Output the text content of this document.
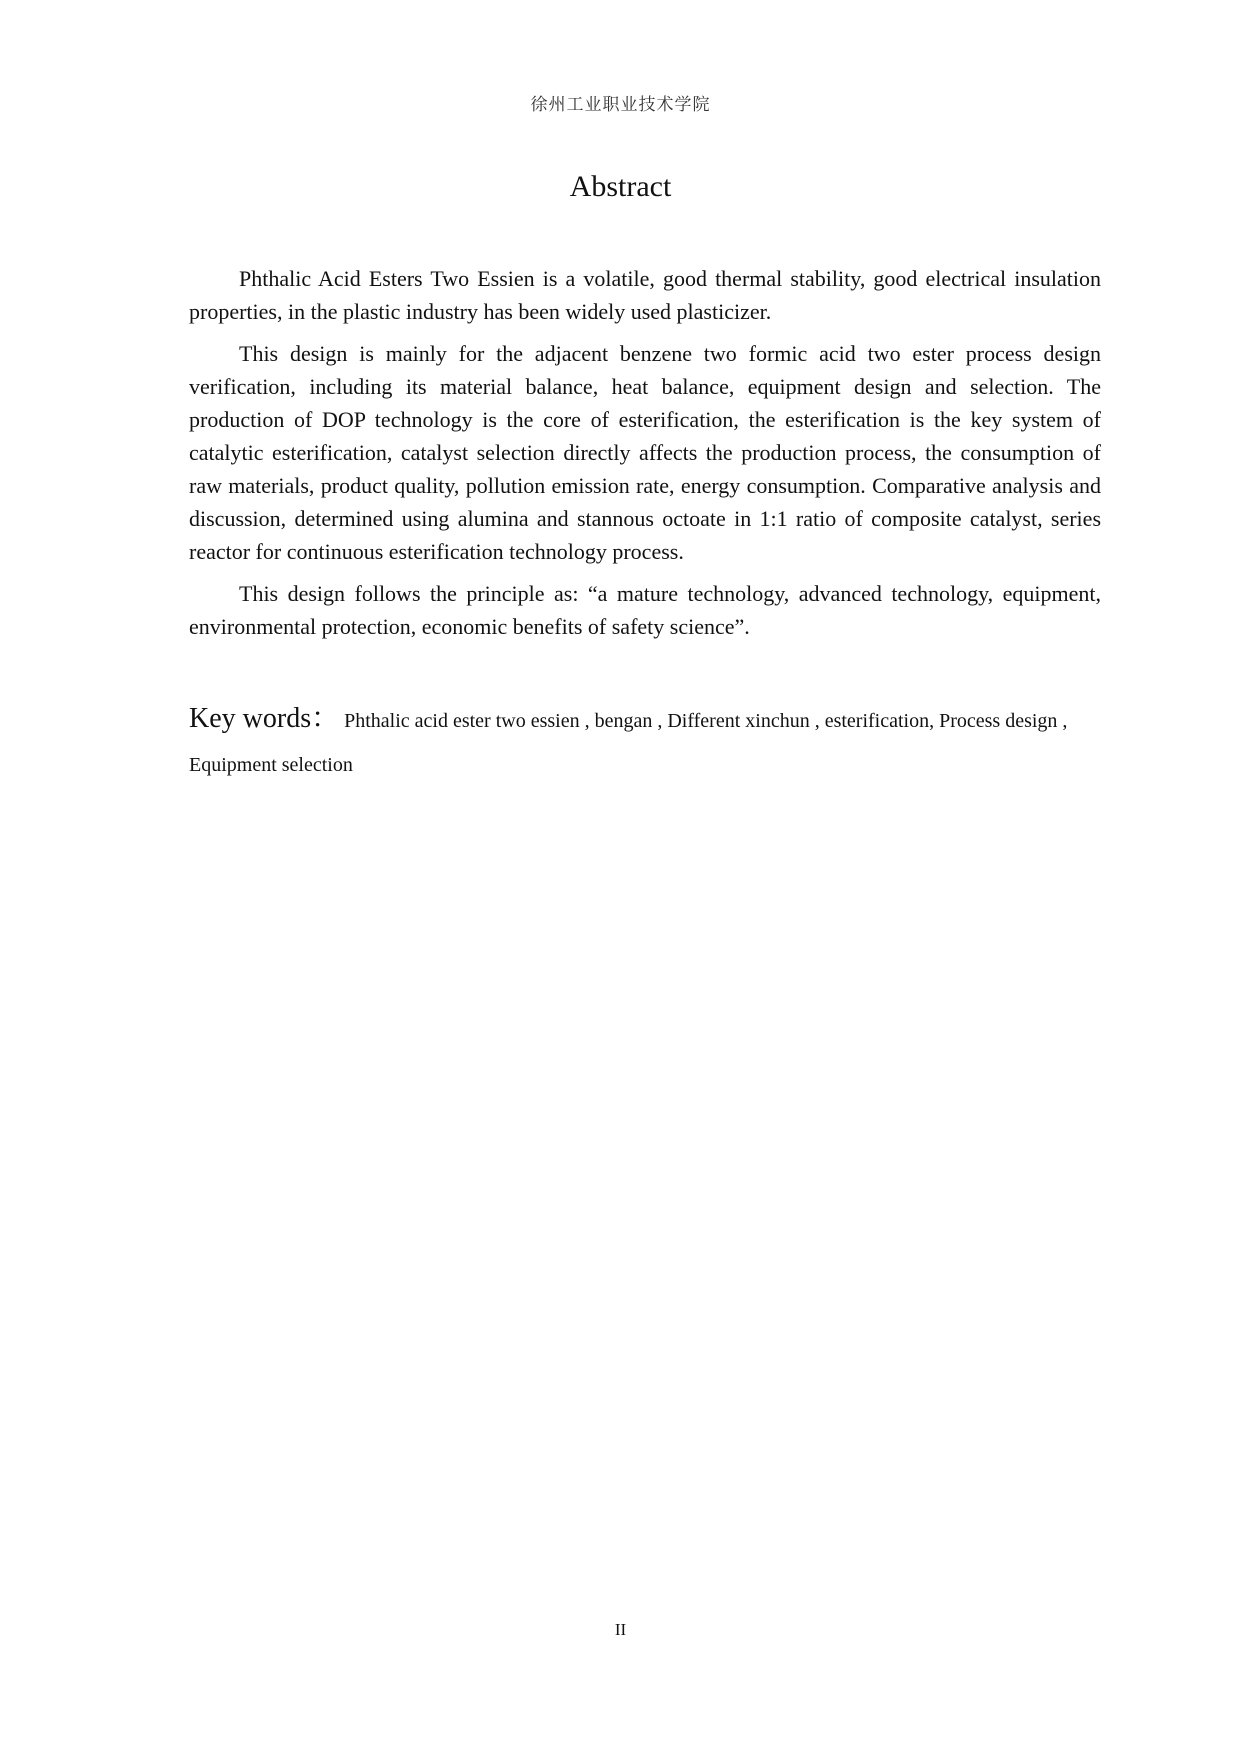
徐州工业职业技术学院
Abstract

Phthalic Acid Esters Two Essien is a volatile, good thermal stability, good electrical insulation properties, in the plastic industry has been widely used plasticizer.

This design is mainly for the adjacent benzene two formic acid two ester process design verification, including its material balance, heat balance, equipment design and selection. The production of DOP technology is the core of esterification, the esterification is the key system of catalytic esterification, catalyst selection directly affects the production process, the consumption of raw materials, product quality, pollution emission rate, energy consumption. Comparative analysis and discussion, determined using alumina and stannous octoate in 1:1 ratio of composite catalyst, series reactor for continuous esterification technology process.

This design follows the principle as: “a mature technology, advanced technology, equipment, environmental protection, economic benefits of safety science”.

Key words： Phthalic acid ester two essien , bengan , Different xinchun , esterification, Process design , Equipment selection
II
